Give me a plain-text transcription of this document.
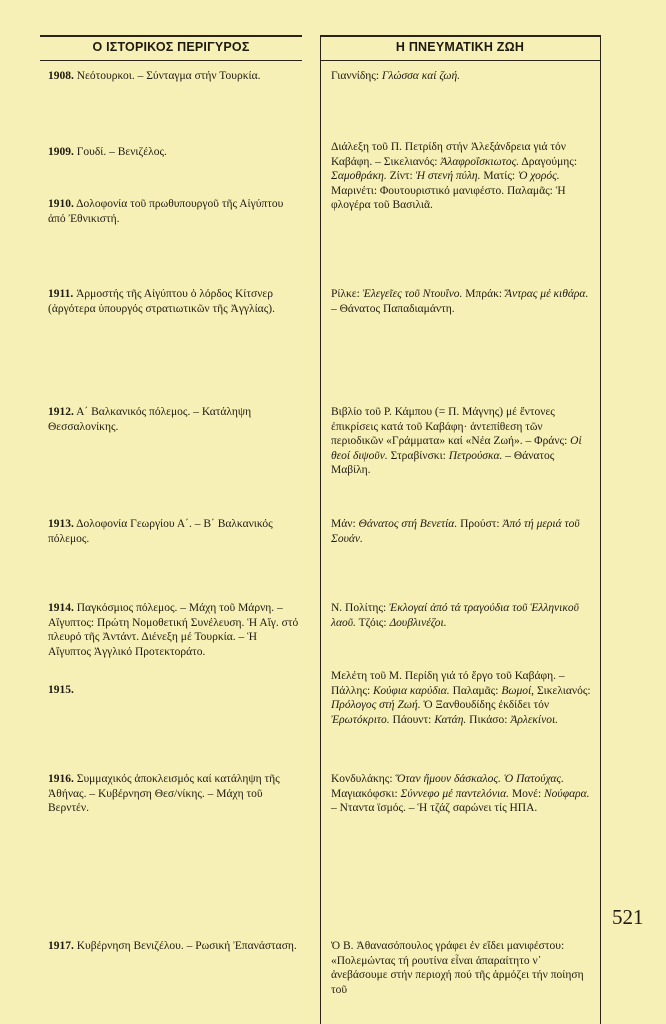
Ο ΙΣΤΟΡΙΚΟΣ ΠΕΡΙΓΥΡΟΣ	Η ΠΝΕΥΜΑΤΙΚΗ ΖΩΗ
1908. Νεότουρκοι. – Σύνταγμα στήν Τουρκία.
1909. Γουδί. – Βενιζέλος.
1910. Δολοφονία τοῦ πρωθυπουργοῦ τῆς Αἰγύπτου ἀπό Ἐθνικιστή.
1911. Ἁρμοστής τῆς Αἰγύπτου ὁ λόρδος Κίτσνερ (ἀργότερα ὑπουργός στρατιωτικῶν τῆς Ἀγγλίας).
1912. Α΄ Βαλκανικός πόλεμος. – Κατάληψη Θεσσαλονίκης.
1913. Δολοφονία Γεωργίου Α΄. – Β΄ Βαλκανικός πόλεμος.
1914. Παγκόσμιος πόλεμος. – Μάχη τοῦ Μάρνη. – Αἴγυπτος: Πρώτη Νομοθετική Συνέλευση. Ἡ Αἴγ. στό πλευρό τῆς Ἀντάντ. Διένεξη μέ Τουρκία. – Ἡ Αἴγυπτος Ἀγγλικό Προτεκτοράτο.
1915.
1916. Συμμαχικός ἀποκλεισμός καί κατάληψη τῆς Ἀθήνας. – Κυβέρνηση Θεσ/νίκης. – Μάχη τοῦ Βερντέν.
1917. Κυβέρνηση Βενιζέλου. – Ρωσική Ἐπανάσταση.
Γιαννίδης: Γλώσσα καί ζωή.
Διάλεξη τοῦ Π. Πετρίδη στήν Ἀλεξάνδρεια γιά τόν Καβάφη. – Σικελιανός: Ἀλαφροΐσκιωτος. Δραγούμης: Σαμοθράκη. Ζίντ: Ἡ στενή πύλη. Ματίς: Ὁ χορός. Μαρινέτι: Φουτουριστικό μανιφέστο. Παλαμᾶς: Ἡ φλογέρα τοῦ Βασιλιᾶ.
Ρίλκε: Ἐλεγεῖες τοῦ Ντουΐνο. Μπράκ: Ἄντρας μέ κιθάρα. – Θάνατος Παπαδιαμάντη.
Βιβλίο τοῦ Ρ. Κάμπου (= Π. Μάγνης) μέ ἔντονες ἐπικρίσεις κατά τοῦ Καβάφη· ἀντεπίθεση τῶν περιοδικῶν «Γράμματα» καί «Νέα Ζωή». – Φράνς: Οἱ θεοί διψοῦν. Στραβίνσκι: Πετρούσκα. – Θάνατος Μαβίλη.
Μάν: Θάνατος στή Βενετία. Προύστ: Ἀπό τή μεριά τοῦ Σουάν.
Ν. Πολίτης: Ἐκλογαί ἀπό τά τραγούδια τοῦ Ἑλληνικοῦ λαοῦ. Τζόις: Δουβλινέζοι.
Μελέτη τοῦ Μ. Περίδη γιά τό ἔργο τοῦ Καβάφη. – Πάλλης: Κούφια καρύδια. Παλαμᾶς: Βωμοί, Σικελιανός: Πρόλογος στή Ζωή. Ὁ Ξανθουδίδης ἐκδίδει τόν Ἐρωτόκριτο. Πάουντ: Κατάη. Πικάσο: Ἀρλεκίνοι.
Κονδυλάκης: Ὅταν ἤμουν δάσκαλος. Ὁ Πατούχας. Μαγιακόφσκι: Σύννεφο μέ παντελόνια. Μονέ: Νούφαρα. – Νταντα ϊσμός. – Ἡ τζάζ σαρώνει τίς ΗΠΑ.
Ὁ Β. Ἀθανασόπουλος γράφει ἐν εἴδει μανιφέστου: «Πολεμώντας τή ρουτίνα εἶναι ἀπαραίτητο ν᾿ ἀνεβάσουμε στήν περιοχή πού τῆς ἁρμόζει τήν ποίηση τοῦ
521
